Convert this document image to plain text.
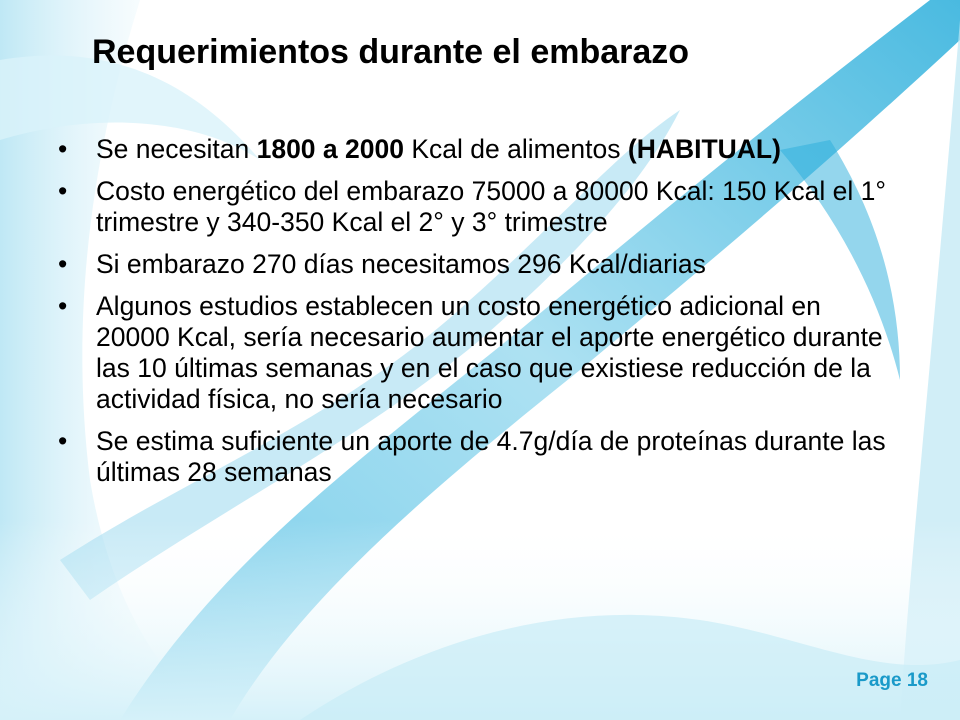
Requerimientos durante el embarazo
• Se necesitan 1800 a 2000 Kcal de alimentos (HABITUAL)
• Costo energético del embarazo 75000 a 80000 Kcal: 150 Kcal el 1° trimestre y 340-350 Kcal el 2° y 3° trimestre
• Si embarazo 270 días necesitamos 296 Kcal/diarias
• Algunos estudios establecen un costo energético adicional en 20000 Kcal, sería necesario aumentar el aporte energético durante las 10 últimas semanas y en el caso que existiese reducción de la actividad física, no sería necesario
• Se estima suficiente un aporte de 4.7g/día de proteínas durante las últimas 28 semanas
Page 18
